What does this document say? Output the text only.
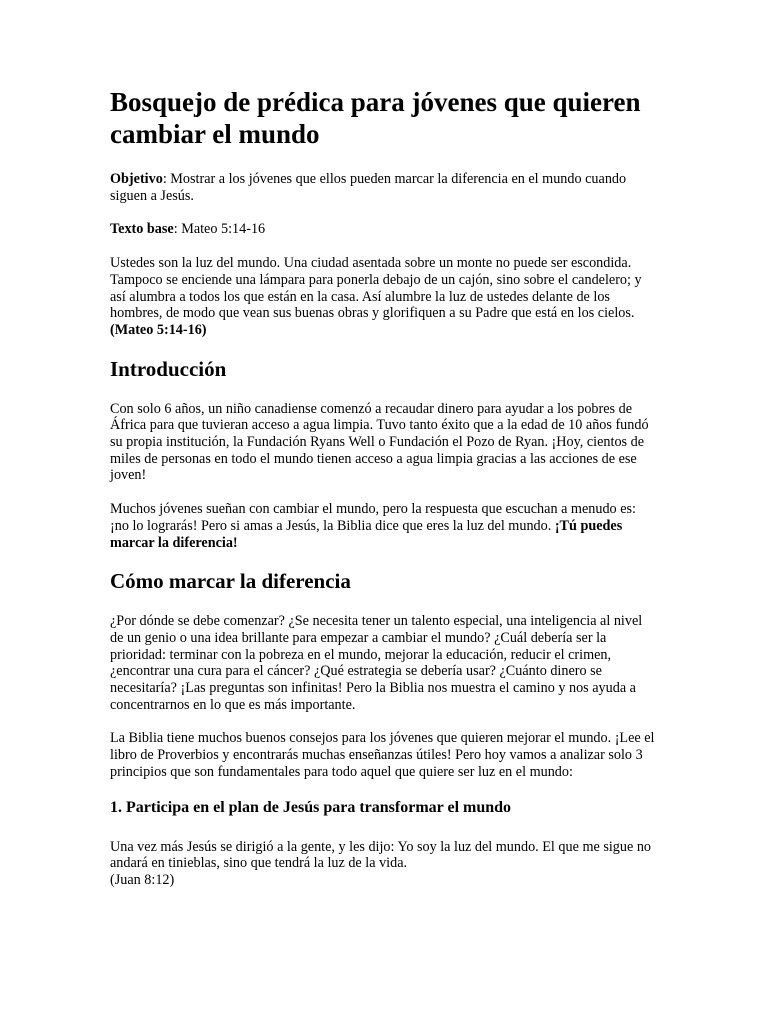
Bosquejo de prédica para jóvenes que quieren cambiar el mundo

Objetivo: Mostrar a los jóvenes que ellos pueden marcar la diferencia en el mundo cuando siguen a Jesús.

Texto base: Mateo 5:14-16

Ustedes son la luz del mundo. Una ciudad asentada sobre un monte no puede ser escondida. Tampoco se enciende una lámpara para ponerla debajo de un cajón, sino sobre el candelero; y así alumbra a todos los que están en la casa. Así alumbre la luz de ustedes delante de los hombres, de modo que vean sus buenas obras y glorifiquen a su Padre que está en los cielos.

(Mateo 5:14-16)

Introducción

Con solo 6 años, un niño canadiense comenzó a recaudar dinero para ayudar a los pobres de África para que tuvieran acceso a agua limpia. Tuvo tanto éxito que a la edad de 10 años fundó su propia institución, la Fundación Ryans Well o Fundación el Pozo de Ryan. ¡Hoy, cientos de miles de personas en todo el mundo tienen acceso a agua limpia gracias a las acciones de ese joven!

Muchos jóvenes sueñan con cambiar el mundo, pero la respuesta que escuchan a menudo es: ¡no lo lograrás! Pero si amas a Jesús, la Biblia dice que eres la luz del mundo. ¡Tú puedes marcar la diferencia!

Cómo marcar la diferencia

¿Por dónde se debe comenzar? ¿Se necesita tener un talento especial, una inteligencia al nivel de un genio o una idea brillante para empezar a cambiar el mundo? ¿Cuál debería ser la prioridad: terminar con la pobreza en el mundo, mejorar la educación, reducir el crimen, ¿encontrar una cura para el cáncer? ¿Qué estrategia se debería usar? ¿Cuánto dinero se necesitaría? ¡Las preguntas son infinitas! Pero la Biblia nos muestra el camino y nos ayuda a concentrarnos en lo que es más importante.

La Biblia tiene muchos buenos consejos para los jóvenes que quieren mejorar el mundo. ¡Lee el libro de Proverbios y encontrarás muchas enseñanzas útiles! Pero hoy vamos a analizar solo 3 principios que son fundamentales para todo aquel que quiere ser luz en el mundo:

1. Participa en el plan de Jesús para transformar el mundo

Una vez más Jesús se dirigió a la gente, y les dijo: Yo soy la luz del mundo. El que me sigue no andará en tinieblas, sino que tendrá la luz de la vida.

(Juan 8:12)
